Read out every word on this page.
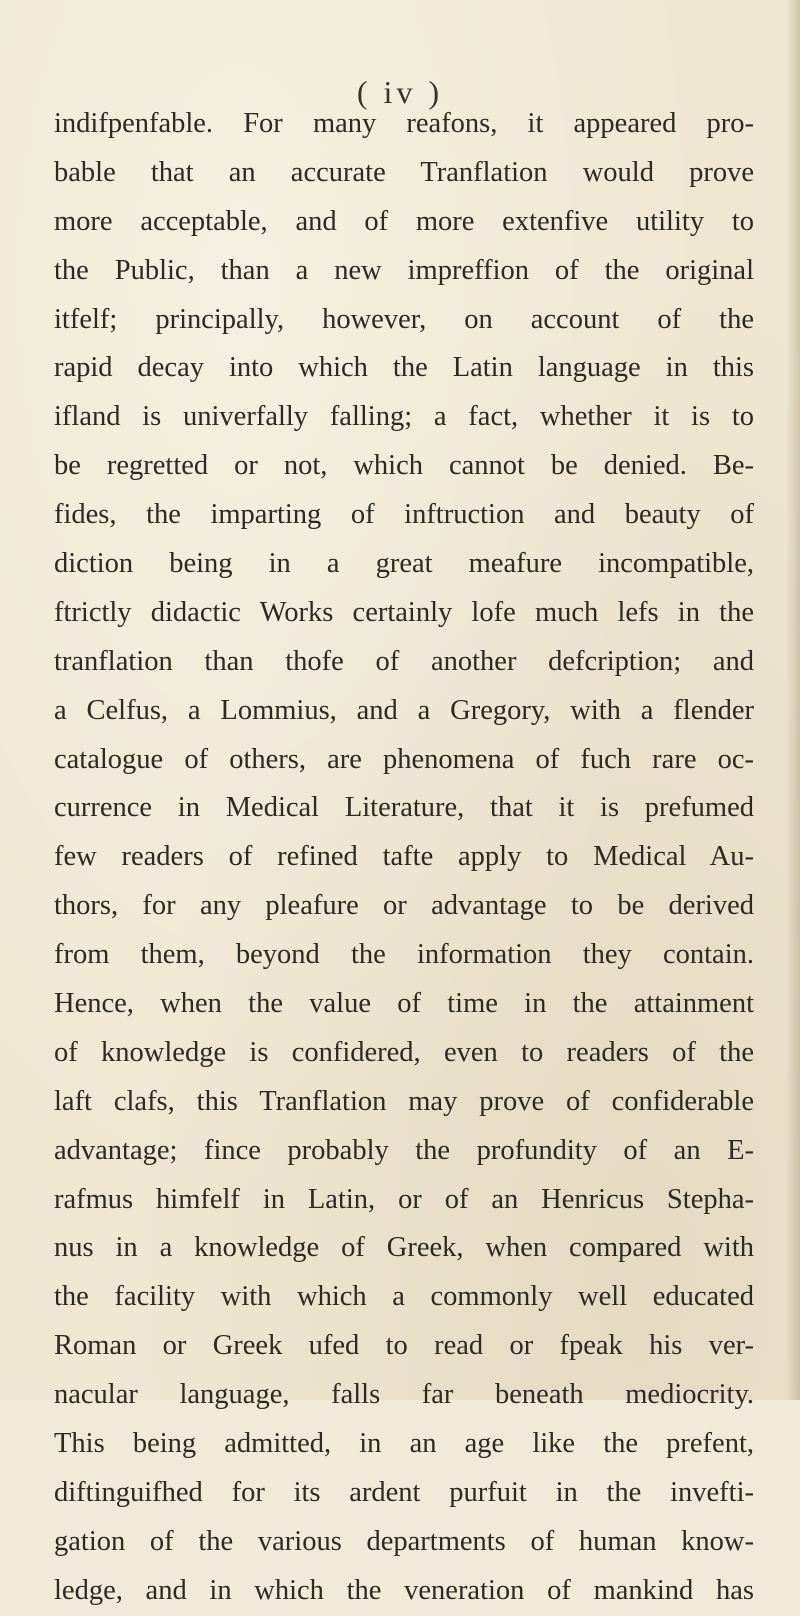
( iv )
indifpenfable. For many reafons, it appeared pro-
bable that an accurate Tranflation would prove
more acceptable, and of more extenfive utility to
the Public, than a new impreffion of the original
itfelf; principally, however, on account of the
rapid decay into which the Latin language in this
ifland is univerfally falling; a fact, whether it is to
be regretted or not, which cannot be denied. Be-
fides, the imparting of inftruction and beauty of
diction being in a great meafure incompatible,
ftrictly didactic Works certainly lofe much lefs in the
tranflation than thofe of another defcription; and
a Celfus, a Lommius, and a Gregory, with a flender
catalogue of others, are phenomena of fuch rare oc-
currence in Medical Literature, that it is prefumed
few readers of refined tafte apply to Medical Au-
thors, for any pleafure or advantage to be derived
from them, beyond the information they contain.
Hence, when the value of time in the attainment
of knowledge is confidered, even to readers of the
laft clafs, this Tranflation may prove of confiderable
advantage; fince probably the profundity of an E-
rafmus himfelf in Latin, or of an Henricus Stepha-
nus in a knowledge of Greek, when compared with
the facility with which a commonly well educated
Roman or Greek ufed to read or fpeak his ver-
nacular language, falls far beneath mediocrity.
This being admitted, in an age like the prefent,
diftinguifhed for its ardent purfuit in the invefti-
gation of the various departments of human know-
ledge, and in which the veneration of mankind has
